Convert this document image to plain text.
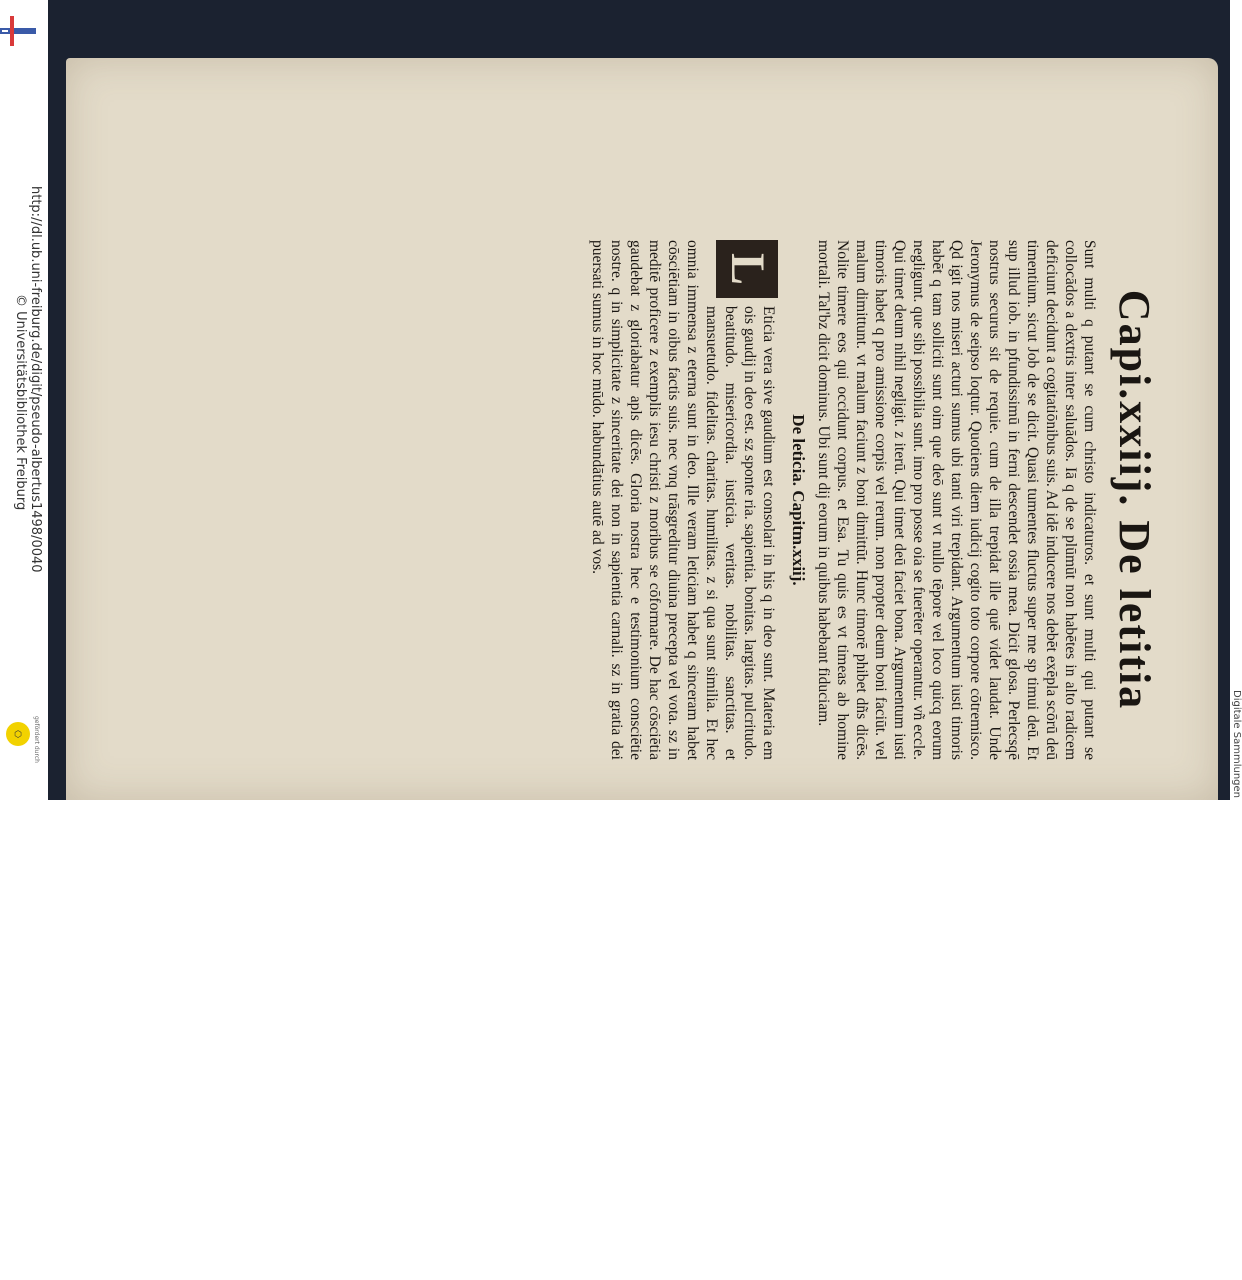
http://dl.ub.uni-freiburg.de/digit/pseudo-albertus1498/0040
© Universitätsbibliothek Freiburg
⬡	gefördert durch
Capi.xxiij. De letitia

Sunt multi q putant se cum christo indicaturos. et sunt multi qui putant se collocādos a dextris inter saluādos. Iā q de se plūmūt non habētes in alto radicem deficiunt decidunt a cogitatiōnibus suis. Ad idē inducere nos debēt exēpla scōrū deū timentium. sicut Job de se dicit. Quasi tumentes fluctus super me sp timui deū. Et sup illud iob. in pfundissimū in ferni descendet ossia mea. Dicit glosa. Perlecsqē nostrus securus sit de requie. cum de illa trepidat ille quē videt laudat. Unde Jeronymus de seipso loqtur. Quotiens diem iudicij cogito toto corpore cōtremisco. Qd igit nos miseri acturi sumus ubi tanti viri trepidant. Argumentum iusti timoris habēt q tam solliciti sunt oim que deō sunt vt nullo tēpore vel loco quicq eorum negligunt. que sibi possibilia sunt. imo pro posse oia se fuerēter operantur. vñ eccle. Qui timet deum nihil negligit. z iterū. Qui timet deū faciet bona. Argumentum iusti timoris habet q pro amissione corpis vel rerum. non propter deum boni faciūt. vel malum dimittunt. vt malum faciunt z boni dimittūt. Hunc timorē phibet dñs dicēs. Nolite timere eos qui occidunt corpus. et Esa. Tu quis es vt timeas ab homine mortali. Tal'bz dicit dominus. Ubi sunt dij eorum in quibus habebant fiduciam.

De leticia. Capitm.xxiij.
L

Eticia vera sive gaudium est consolari in his q in deo sunt. Materia em ois gaudij in deo est. sz sponte ria. sapientia. bonitas. largitas. pulcritudo. beatitudo. misericordia. iusticia. veritas. nobilitas. sanctitas. et mansuetudo. fidelitas. charitas. humilitas. z si qua sunt similia. Et hec omnia immensa z eterna sunt in deo. Ille veram leticiam habet q sinceram habet cōsciētiam in oibus factis suis. nec vnq trāsgreditur diuina precepta vel vota. sz in meditē proficere z exemplis iesu christi z moribus se cōformare. De hac cōsciētia gaudebat z gloriabatur apls dicēs. Gloria nostra hec e testimonium consciētie nostre. q in simplicitate z sinceritate dei non in sapientia carnali. sz in gratia dei puersati sumus in hoc mūdo. habundātius autē ad vos.

Digitale Sammlungen
